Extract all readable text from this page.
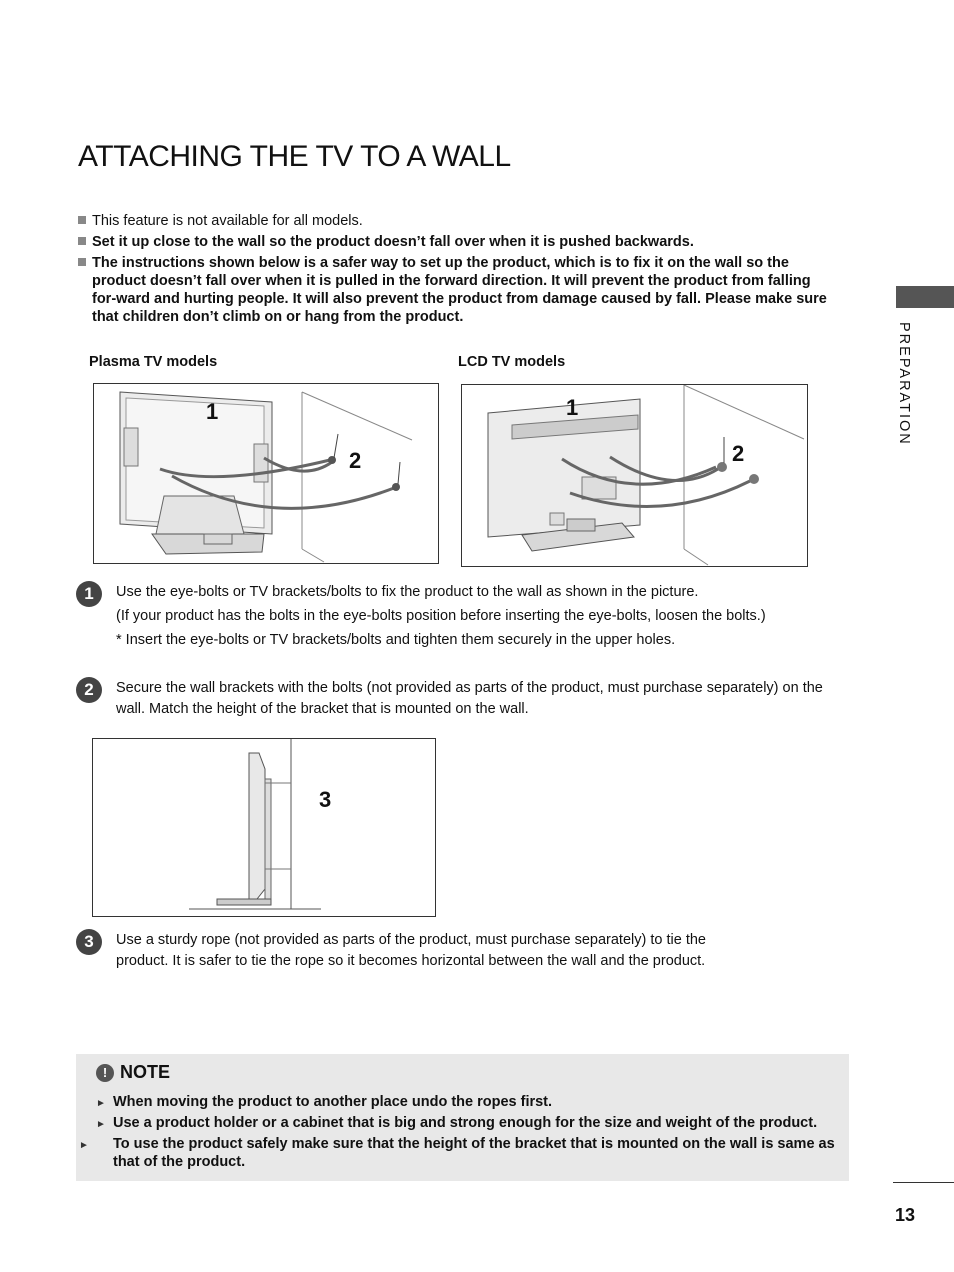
ATTACHING THE TV TO A WALL
This feature is not available for all models.
Set it up close to the wall so the product doesn’t fall over when it is pushed backwards.
The instructions shown below is a safer way to set up the product, which is to fix it on the wall so the product doesn’t fall over when it is pulled in the forward direction. It will prevent the product from falling for-ward and hurting people. It will also prevent the product from damage caused by fall. Please make sure that children don’t climb on or hang from the product.
Plasma TV models	LCD TV models
1
2
1
2
1	Use the eye-bolts or TV brackets/bolts to fix the product to the wall as shown in the picture.
(If your product has the bolts in the eye-bolts position before inserting the eye-bolts, loosen the bolts.)
* Insert the eye-bolts or TV brackets/bolts and tighten them securely in the upper holes.
2	Secure the wall brackets with the bolts (not provided as parts of the product, must purchase separately) on the wall. Match the height of the bracket that is mounted on the wall.
3
3	Use a sturdy rope (not provided as parts of the product, must purchase separately) to tie the product. It is safer to tie the rope so it becomes horizontal between the wall and the product.
PREPARATION
! NOTE
► When moving the product to another place undo the ropes first.
► Use a product holder or a cabinet that is big and strong enough for the size and weight of the product.
► To use the product safely make sure that the height of the bracket that is mounted on the wall is same as that of the product.
13
